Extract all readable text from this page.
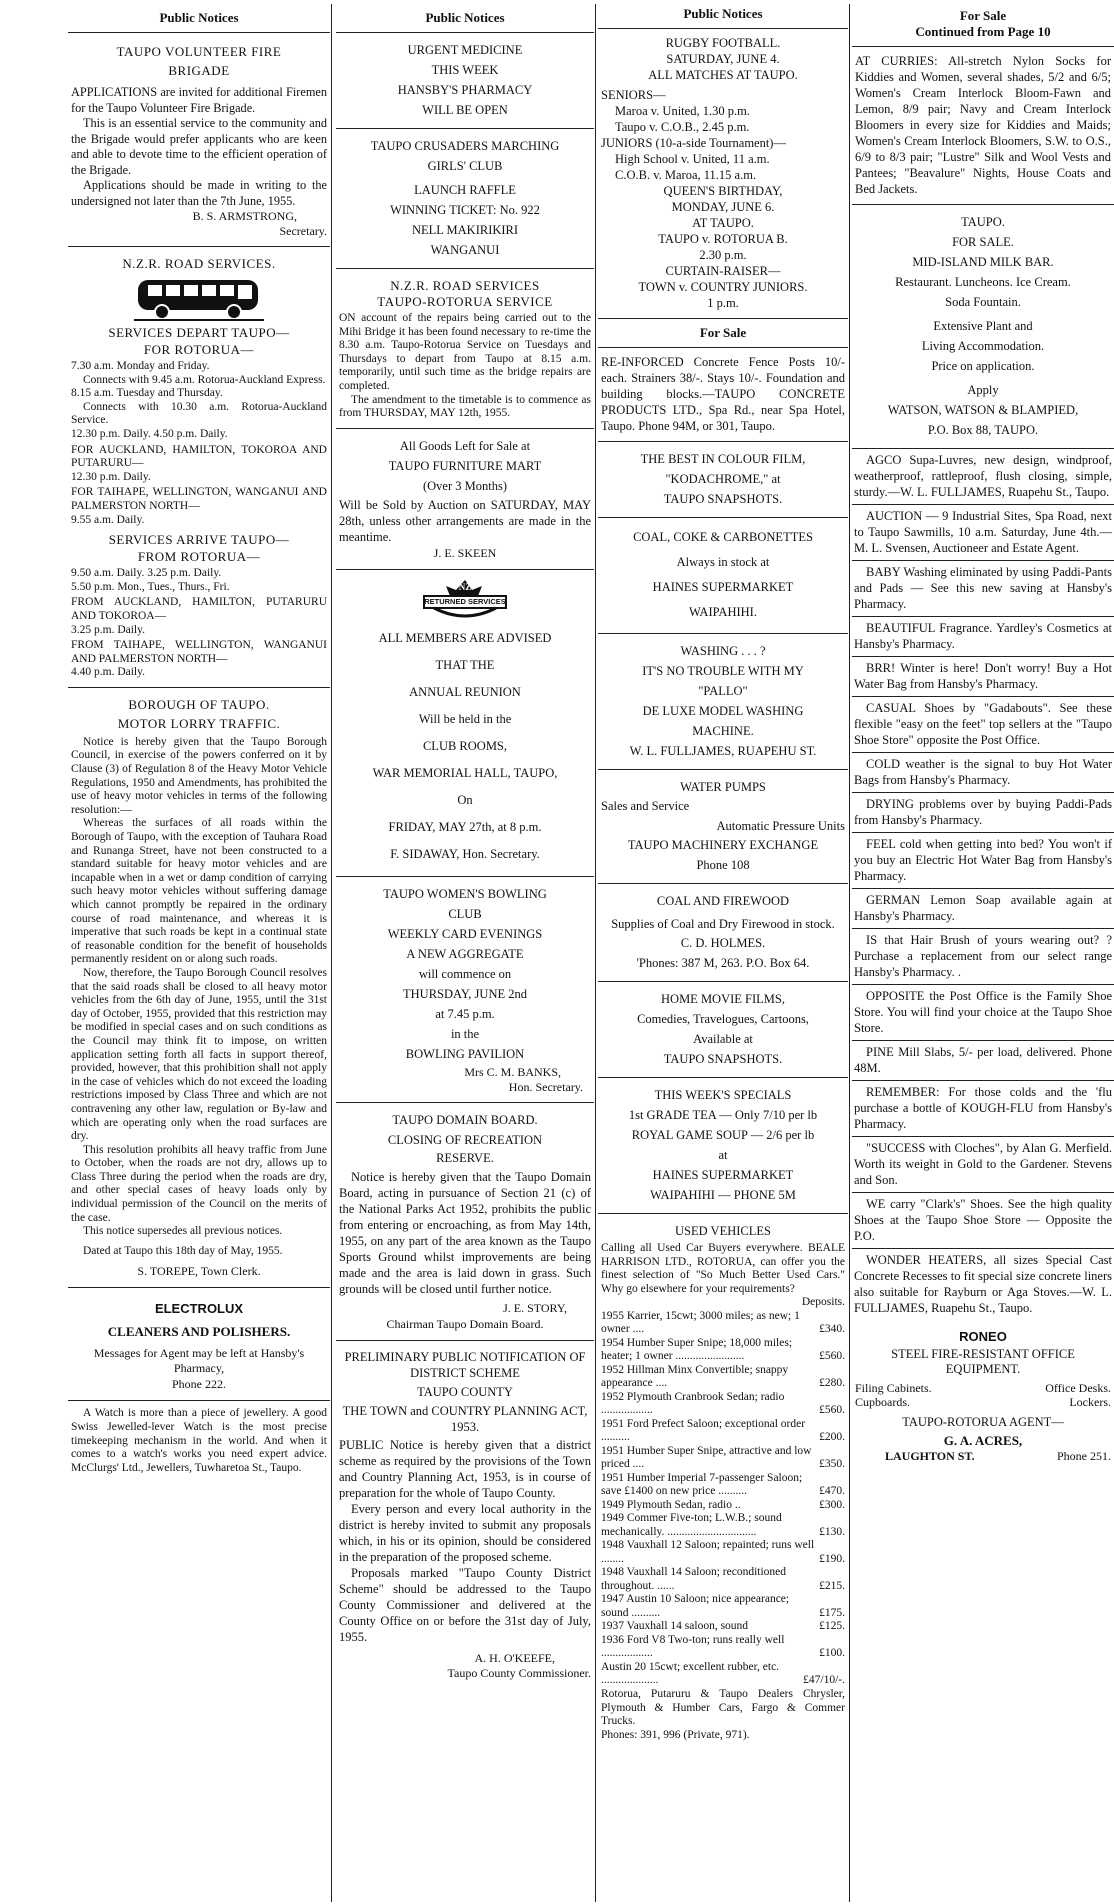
Public Notices
TAUPO VOLUNTEER FIRE
BRIGADE

APPLICATIONS are invited for additional Firemen for the Taupo Volunteer Fire Brigade.

This is an essential service to the community and the Brigade would prefer applicants who are keen and able to devote time to the efficient operation of the Brigade.

Applications should be made in writing to the undersigned not later than the 7th June, 1955.

B. S. ARMSTRONG,

Secretary.

N.Z.R. ROAD SERVICES.
SERVICES DEPART TAUPO—
FOR ROTORUA—

7.30 a.m. Monday and Friday.

Connects with 9.45 a.m. Rotorua-Auckland Express.

8.15 a.m. Tuesday and Thursday.

Connects with 10.30 a.m. Rotorua-Auckland Service.

12.30 p.m. Daily. 4.50 p.m. Daily.

FOR AUCKLAND, HAMILTON, TOKOROA AND PUTARURU—

12.30 p.m. Daily.

FOR TAIHAPE, WELLINGTON, WANGANUI AND PALMERSTON NORTH—

9.55 a.m. Daily.

SERVICES ARRIVE TAUPO—
FROM ROTORUA—

9.50 a.m. Daily. 3.25 p.m. Daily.

5.50 p.m. Mon., Tues., Thurs., Fri.

FROM AUCKLAND, HAMILTON, PUTARURU AND TOKOROA—

3.25 p.m. Daily.

FROM TAIHAPE, WELLINGTON, WANGANUI AND PALMERSTON NORTH—

4.40 p.m. Daily.

BOROUGH OF TAUPO.
MOTOR LORRY TRAFFIC.

Notice is hereby given that the Taupo Borough Council, in exercise of the powers conferred on it by Clause (3) of Regulation 8 of the Heavy Motor Vehicle Regulations, 1950 and Amendments, has prohibited the use of heavy motor vehicles in terms of the following resolution:—

Whereas the surfaces of all roads within the Borough of Taupo, with the exception of Tauhara Road and Runanga Street, have not been constructed to a standard suitable for heavy motor vehicles and are incapable when in a wet or damp condition of carrying such heavy motor vehicles without suffering damage which cannot promptly be repaired in the ordinary course of road maintenance, and whereas it is imperative that such roads be kept in a continual state of reasonable condition for the benefit of households permanently resident on or along such roads.

Now, therefore, the Taupo Borough Council resolves that the said roads shall be closed to all heavy motor vehicles from the 6th day of June, 1955, until the 31st day of October, 1955, provided that this restriction may be modified in special cases and on such conditions as the Council may think fit to impose, on written application setting forth all facts in support thereof, provided, however, that this prohibition shall not apply in the case of vehicles which do not exceed the loading restrictions imposed by Class Three and which are not contravening any other law, regulation or By-law and which are operating only when the road surfaces are dry.

This resolution prohibits all heavy traffic from June to October, when the roads are not dry, allows up to Class Three during the period when the roads are dry, and other special cases of heavy loads only by individual permission of the Council on the merits of the case.

This notice supersedes all previous notices.

Dated at Taupo this 18th day of May, 1955.

S. TOREPE, Town Clerk.

ELECTROLUX
CLEANERS AND POLISHERS.

Messages for Agent may be left at Hansby's Pharmacy,

Phone 222.

A Watch is more than a piece of jewellery. A good Swiss Jewelled-lever Watch is the most precise timekeeping mechanism in the world. And when it comes to a watch's works you need expert advice. McClurgs' Ltd., Jewellers, Tuwharetoa St., Taupo.

Public Notices
URGENT MEDICINE
THIS WEEK
HANSBY'S PHARMACY
WILL BE OPEN
TAUPO CRUSADERS MARCHING
GIRLS' CLUB
LAUNCH RAFFLE
WINNING TICKET: No. 922
NELL MAKIRIKIRI
WANGANUI
N.Z.R. ROAD SERVICES
TAUPO-ROTORUA SERVICE

ON account of the repairs being carried out to the Mihi Bridge it has been found necessary to re-time the 8.30 a.m. Taupo-Rotorua Service on Tuesdays and Thursdays to depart from Taupo at 8.15 a.m. temporarily, until such time as the bridge repairs are completed.

The amendment to the timetable is to commence as from THURSDAY, MAY 12th, 1955.

All Goods Left for Sale at
TAUPO FURNITURE MART
(Over 3 Months)

Will be Sold by Auction on SATURDAY, MAY 28th, unless other arrangements are made in the meantime.

J. E. SKEEN

NZ
RETURNED SERVICES
ALL MEMBERS ARE ADVISED
THAT THE
ANNUAL REUNION
Will be held in the
CLUB ROOMS,
WAR MEMORIAL HALL, TAUPO,
On
FRIDAY, MAY 27th, at 8 p.m.
F. SIDAWAY, Hon. Secretary.
TAUPO WOMEN'S BOWLING
CLUB
WEEKLY CARD EVENINGS
A NEW AGGREGATE
will commence on
THURSDAY, JUNE 2nd
at 7.45 p.m.
in the
BOWLING PAVILION

Mrs C. M. BANKS,

Hon. Secretary.

TAUPO DOMAIN BOARD.
CLOSING OF RECREATION
RESERVE.

Notice is hereby given that the Taupo Domain Board, acting in pursuance of Section 21 (c) of the National Parks Act 1952, prohibits the public from entering or encroaching, as from May 14th, 1955, on any part of the area known as the Taupo Sports Ground whilst improvements are being made and the area is laid down in grass. Such grounds will be closed until further notice.

J. E. STORY,

Chairman Taupo Domain Board.

PRELIMINARY PUBLIC NOTIFICATION OF DISTRICT SCHEME
TAUPO COUNTY
THE TOWN and COUNTRY PLANNING ACT, 1953.

PUBLIC Notice is hereby given that a district scheme as required by the provisions of the Town and Country Planning Act, 1953, is in course of preparation for the whole of Taupo County.

Every person and every local authority in the district is hereby invited to submit any proposals which, in his or its opinion, should be considered in the preparation of the proposed scheme.

Proposals marked "Taupo County District Scheme" should be addressed to the Taupo County Commissioner and delivered at the County Office on or before the 31st day of July, 1955.

A. H. O'KEEFE,

Taupo County Commissioner.

Public Notices
RUGBY FOOTBALL.
SATURDAY, JUNE 4.
ALL MATCHES AT TAUPO.
SENIORS—
Maroa v. United, 1.30 p.m.
Taupo v. C.O.B., 2.45 p.m.
JUNIORS (10-a-side Tournament)—
High School v. United, 11 a.m.
C.O.B. v. Maroa, 11.15 a.m.
QUEEN'S BIRTHDAY,
MONDAY, JUNE 6.
AT TAUPO.
TAUPO v. ROTORUA B.
2.30 p.m.
CURTAIN-RAISER—
TOWN v. COUNTRY JUNIORS.
1 p.m.
For Sale

RE-INFORCED Concrete Fence Posts 10/- each. Strainers 38/-. Stays 10/-. Foundation and building blocks.—TAUPO CONCRETE PRODUCTS LTD., Spa Rd., near Spa Hotel, Taupo. Phone 94M, or 301, Taupo.

THE BEST IN COLOUR FILM,
"KODACHROME," at
TAUPO SNAPSHOTS.
COAL, COKE & CARBONETTES
Always in stock at
HAINES SUPERMARKET
WAIPAHIHI.
WASHING . . . ?
IT'S NO TROUBLE WITH MY
"PALLO"
DE LUXE MODEL WASHING
MACHINE.
W. L. FULLJAMES, RUAPEHU ST.
WATER PUMPS

Sales and Service

Automatic Pressure Units

TAUPO MACHINERY EXCHANGE
Phone 108
COAL AND FIREWOOD
Supplies of Coal and Dry Firewood in stock.
C. D. HOLMES.
'Phones: 387 M, 263. P.O. Box 64.
HOME MOVIE FILMS,
Comedies, Travelogues, Cartoons,
Available at
TAUPO SNAPSHOTS.
THIS WEEK'S SPECIALS
1st GRADE TEA — Only 7/10 per lb
ROYAL GAME SOUP — 2/6 per lb
at
HAINES SUPERMARKET
WAIPAHIHI — PHONE 5M
USED VEHICLES

Calling all Used Car Buyers everywhere. BEALE HARRISON LTD., ROTORUA, can offer you the finest selection of "So Much Better Used Cars." Why go elsewhere for your requirements?

Deposits.

1955 Karrier, 15cwt; 3000 miles; as new; 1 owner ....	£340.
1954 Humber Super Snipe; 18,000 miles; heater; 1 owner ........................	£560.
1952 Hillman Minx Convertible; snappy appearance ....	£280.
1952 Plymouth Cranbrook Sedan; radio ..................	£560.
1951 Ford Prefect Saloon; exceptional order ..........	£200.
1951 Humber Super Snipe, attractive and low priced ....	£350.
1951 Humber Imperial 7-passenger Saloon; save £1400 on new price ..........	£470.
1949 Plymouth Sedan, radio ..	£300.
1949 Commer Five-ton; L.W.B.; sound mechanically. ...............................	£130.
1948 Vauxhall 12 Saloon; repainted; runs well ........	£190.
1948 Vauxhall 14 Saloon; reconditioned throughout. ......	£215.
1947 Austin 10 Saloon; nice appearance; sound ..........	£175.
1937 Vauxhall 14 saloon, sound	£125.
1936 Ford V8 Two-ton; runs really well ..................	£100.
Austin 20 15cwt; excellent rubber, etc. ....................	£47/10/-.

Rotorua, Putaruru & Taupo Dealers Chrysler, Plymouth & Humber Cars, Fargo & Commer Trucks.

Phones: 391, 996 (Private, 971).

For Sale
Continued from Page 10

AT CURRIES: All-stretch Nylon Socks for Kiddies and Women, several shades, 5/2 and 6/5; Women's Cream Interlock Bloom-Fawn and Lemon, 8/9 pair; Navy and Cream Interlock Bloomers in every size for Kiddies and Maids; Women's Cream Interlock Bloomers, S.W. to O.S., 6/9 to 8/3 pair; "Lustre" Silk and Wool Vests and Pantees; "Beavalure" Nights, House Coats and Bed Jackets.

TAUPO.
FOR SALE.
MID-ISLAND MILK BAR.
Restaurant. Luncheons. Ice Cream.
Soda Fountain.
Extensive Plant and
Living Accommodation.
Price on application.
Apply
WATSON, WATSON & BLAMPIED,
P.O. Box 88, TAUPO.

AGCO Supa-Luvres, new design, windproof, weatherproof, rattleproof, flush closing, simple, sturdy.—W. L. FULLJAMES, Ruapehu St., Taupo.

AUCTION — 9 Industrial Sites, Spa Road, next to Taupo Sawmills, 10 a.m. Saturday, June 4th.—M. L. Svensen, Auctioneer and Estate Agent.

BABY Washing eliminated by using Paddi-Pants and Pads — See this new saving at Hansby's Pharmacy.

BEAUTIFUL Fragrance. Yardley's Cosmetics at Hansby's Pharmacy.

BRR! Winter is here! Don't worry! Buy a Hot Water Bag from Hansby's Pharmacy.

CASUAL Shoes by "Gadabouts". See these flexible "easy on the feet" top sellers at the "Taupo Shoe Store" opposite the Post Office.

COLD weather is the signal to buy Hot Water Bags from Hansby's Pharmacy.

DRYING problems over by buying Paddi-Pads from Hansby's Pharmacy.

FEEL cold when getting into bed? You won't if you buy an Electric Hot Water Bag from Hansby's Pharmacy.

GERMAN Lemon Soap available again at Hansby's Pharmacy.

IS that Hair Brush of yours wearing out? ? Purchase a replacement from our select range Hansby's Pharmacy. .

OPPOSITE the Post Office is the Family Shoe Store. You will find your choice at the Taupo Shoe Store.

PINE Mill Slabs, 5/- per load, delivered. Phone 48M.

REMEMBER: For those colds and the 'flu purchase a bottle of KOUGH-FLU from Hansby's Pharmacy.

"SUCCESS with Cloches", by Alan G. Merfield. Worth its weight in Gold to the Gardener. Stevens and Son.

WE carry "Clark's" Shoes. See the high quality Shoes at the Taupo Shoe Store — Opposite the P.O.

WONDER HEATERS, all sizes Special Cast Concrete Recesses to fit special size concrete liners also suitable for Rayburn or Aga Stoves.—W. L. FULLJAMES, Ruapehu St., Taupo.

RONEO
STEEL FIRE-RESISTANT OFFICE EQUIPMENT.
Filing Cabinets.	Office Desks.
Cupboards.	Lockers.
TAUPO-ROTORUA AGENT—
G. A. ACRES,
LAUGHTON ST.	Phone 251.
